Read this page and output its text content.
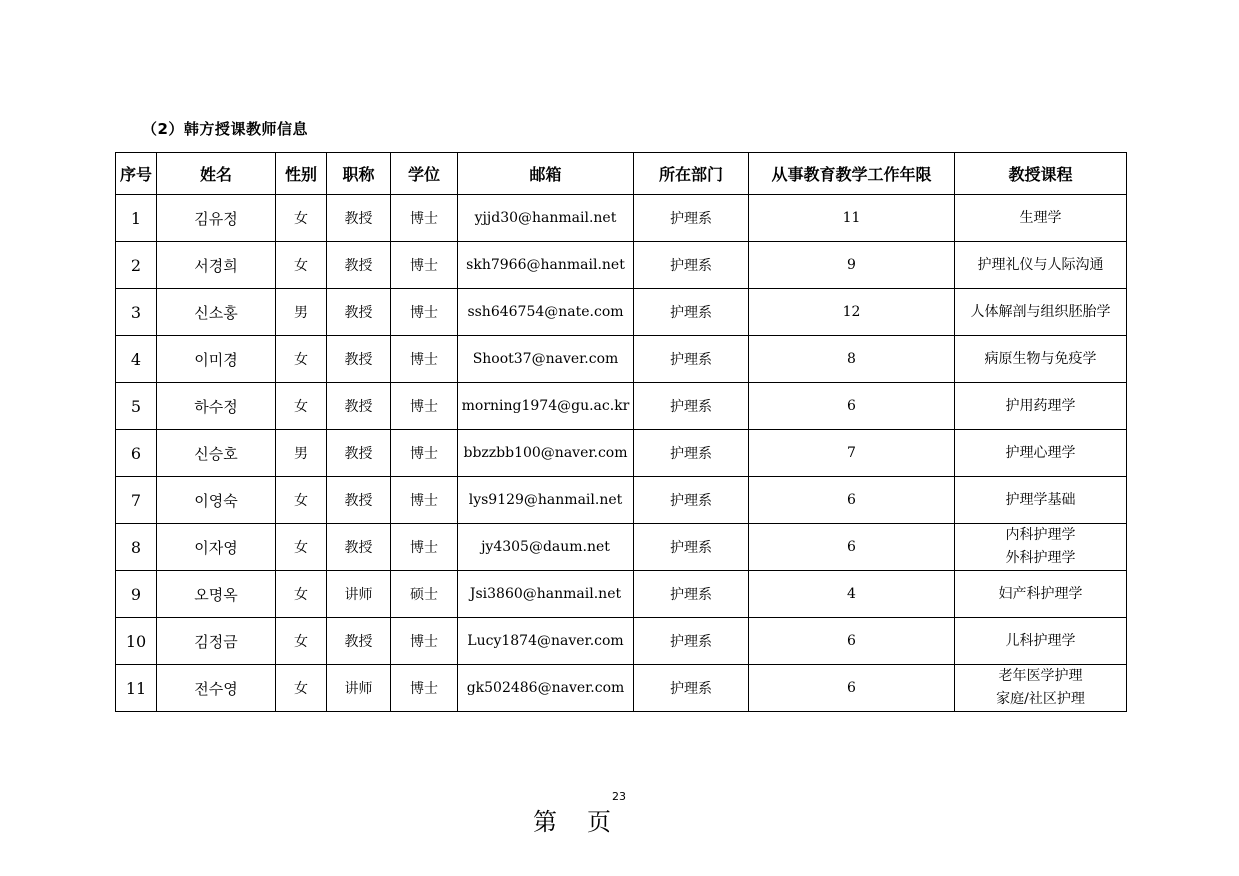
（2）韩方授课教师信息
序号	姓名	性别	职称	学位	邮箱	所在部门	从事教育教学工作年限	教授课程
1	김유정	女	教授	博士	yjjd30@hanmail.net	护理系	11	生理学

2	서경희	女	教授	博士	skh7966@hanmail.net	护理系	9	护理礼仪与人际沟通

3	신소홍	男	教授	博士	ssh646754@nate.com	护理系	12	人体解剖与组织胚胎学

4	이미경	女	教授	博士	Shoot37@naver.com	护理系	8	病原生物与免疫学

5	하수정	女	教授	博士	morning1974@gu.ac.kr	护理系	6	护用药理学

6	신승호	男	教授	博士	bbzzbb100@naver.com	护理系	7	护理心理学

7	이영숙	女	教授	博士	lys9129@hanmail.net	护理系	6	护理学基础

8	이자영	女	教授	博士	jy4305@daum.net	护理系	6	内科护理学
外科护理学

9	오명옥	女	讲师	硕士	Jsi3860@hanmail.net	护理系	4	妇产科护理学

10	김정금	女	教授	博士	Lucy1874@naver.com	护理系	6	儿科护理学

11	전수영	女	讲师	博士	gk502486@naver.com	护理系	6	老年医学护理
家庭/社区护理
第 页
23
